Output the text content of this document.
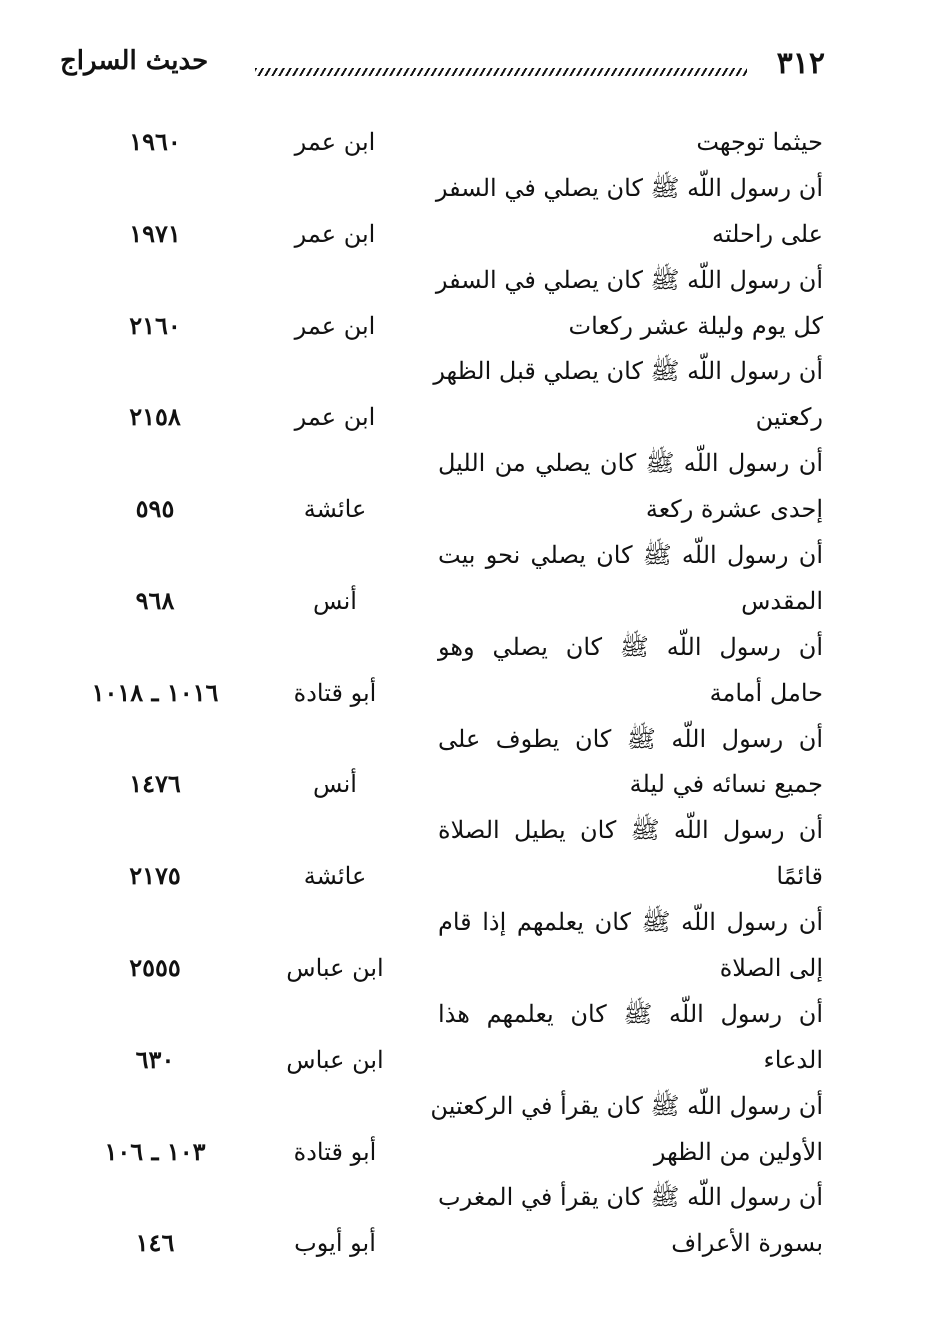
٣١٢
حديث السراج
حيثما توجهت
ابن عمر
١٩٦٠
أن رسول اللّه ﷺ كان يصلي في السفر
على راحلته
ابن عمر
١٩٧١
أن رسول اللّه ﷺ كان يصلي في السفر
كل يوم وليلة عشر ركعات
ابن عمر
٢١٦٠
أن رسول اللّه ﷺ كان يصلي قبل الظهر
ركعتين
ابن عمر
٢١٥٨
أن رسول اللّه ﷺ كان يصلي من الليل
إحدى عشرة ركعة
عائشة
٥٩٥
أن رسول اللّه ﷺ كان يصلي نحو بيت
المقدس
أنس
٩٦٨
أن رسول اللّه ﷺ كان يصلي وهو
حامل أمامة
أبو قتادة
١٠١٦ ـ ١٠١٨
أن رسول اللّه ﷺ كان يطوف على
جميع نسائه في ليلة
أنس
١٤٧٦
أن رسول اللّه ﷺ كان يطيل الصلاة
قائمًا
عائشة
٢١٧٥
أن رسول اللّه ﷺ كان يعلمهم إذا قام
إلى الصلاة
ابن عباس
٢٥٥٥
أن رسول اللّه ﷺ كان يعلمهم هذا
الدعاء
ابن عباس
٦٣٠
أن رسول اللّه ﷺ كان يقرأ في الركعتين
الأولين من الظهر
أبو قتادة
١٠٣ ـ ١٠٦
أن رسول اللّه ﷺ كان يقرأ في المغرب
بسورة الأعراف
أبو أيوب
١٤٦
